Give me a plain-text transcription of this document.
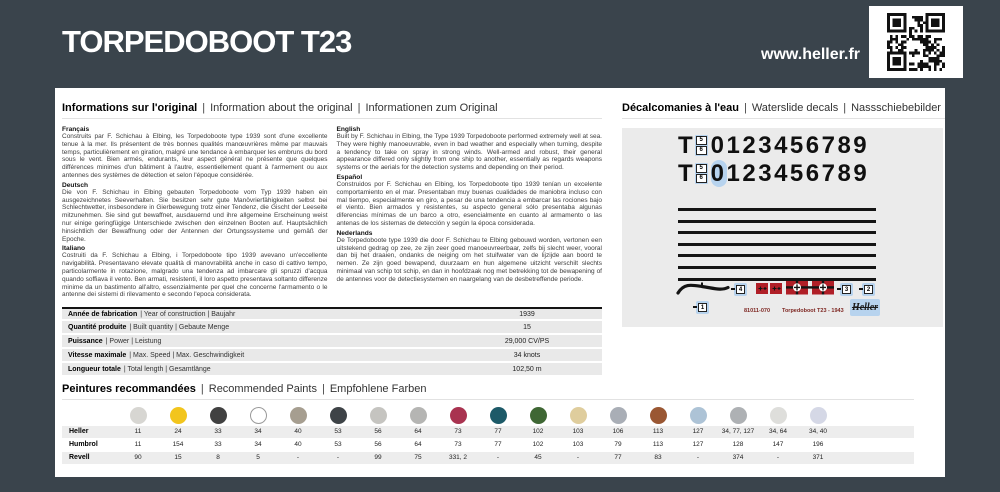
TORPEDOBOOT T23	www.heller.fr
Informations sur l'original | Information about the original | Informationen zum Original
Français

Construits par F. Schichau à Elbing, les Torpedoboote type 1939 sont d'une excellente tenue à la mer. Ils présentent de très bonnes qualités manœuvrières même par mauvais temps, particulièrement en giration, malgré une tendance à embarquer les embruns du bord sous le vent. Bien armés, endurants, leur aspect général ne présente que quelques différences minimes d'un bâtiment à l'autre, essentiellement quant à l'armement ou aux antennes des systèmes de détection et selon l'époque considérée.

Deutsch

Die von F. Schichau in Elbing gebauten Torpedoboote vom Typ 1939 haben ein ausgezeichnetes Seeverhalten. Sie besitzen sehr gute Manövrierfähigkeiten selbst bei Schlechtwetter, insbesondere in Gierbewegung trotz einer Tendenz, die Gischt der Leeseite mitzunehmen. Sie sind gut bewaffnet, ausdauernd und ihre allgemeine Erscheinung weist nur einige geringfügige Unterschiede zwischen den einzelnen Booten auf. Hauptsächlich hinsichtlich der Bewaffnung oder der Antennen der Ortungssysteme und gemäß der Epoche.

Italiano

Costruiti da F. Schichau a Elbing, i Torpedoboote tipo 1939 avevano un'eccellente navigabilità. Presentavano elevate qualità di manovrabilità anche in caso di cattivo tempo, particolarmente in rotazione, malgrado una tendenza ad imbarcare gli spruzzi d'acqua quando soffiava il vento. Ben armati, resistenti, il loro aspetto presentava soltanto differenze minime da un bastimento all'altro, essenzialmente per quel che concerne l'armamento o le antenne dei sistemi di rilevamento e secondo l'epoca considerata.

English

Built by F. Schichau in Elbing, the Type 1939 Torpedoboote performed extremely well at sea. They were highly manoeuvrable, even in bad weather and especially when turning, despite a tendency to take on spray in strong winds. Well-armed and robust, their general appearance differed only slightly from one ship to another, essentially as regards weapons systems or the aerials for the detection systems and depending on their period.

Español

Construidos por F. Schichau en Elbing, los Torpedoboote tipo 1939 tenían un excelente comportamiento en el mar. Presentaban muy buenas cualidades de maniobra incluso con mal tiempo, especialmente en giro, a pesar de una tendencia a embarcar las rociones bajo el viento. Bien armados y resistentes, su aspecto general sólo presentaba algunas diferencias mínimas de un barco a otro, esencialmente en cuanto al armamento o las antenas de los sistemas de detección y según la época considerada.

Nederlands

De Torpedoboote type 1939 die door F. Schichau te Elbing gebouwd worden, vertonen een uitstekend gedrag op zee, ze zijn zeer goed manoeuvreerbaar, zelfs bij slecht weer, vooral dan bij het draaien, ondanks de neiging om het stuifwater van de lijzijde aan boord te nemen. Ze zijn goed bewapend, duurzaam en hun algemene uitzicht verschilt slechts minimaal van schip tot schip, en dan in hoofdzaak nog met betrekking tot de bewapening of de antennes voor de detectiesystemen en naargelang van de desbetreffende periode.

Année de fabrication | Year of construction | Baujahr	1939
Quantité produite | Built quantity | Gebaute Menge	15
Puissance | Power | Leistung	29,000 CV/PS
Vitesse maximale | Max. Speed | Max. Geschwindigkeit	34 knots
Longueur totale | Total length | Gesamtlänge	102,50 m
Décalcomanies à l'eau | Waterslide decals | Nassschiebebilder
81011-070 Torpedoboot T23 - 1943 Heller
T	5
6 0123456789
T	5
6 0123456789
1
4	3	2
Peintures recommandées | Recommended Paints | Empfohlene Farben
Heller	11	24	33	34	40	53	56	64	73	77	102	103	106	113	127	34, 77, 127	34, 64	34, 40
Humbrol	11	154	33	34	40	53	56	64	73	77	102	103	79	113	127	128	147	196
Revell	90	15	8	5	-	-	99	75	331, 2	-	45	-	77	83	-	374	-	371
